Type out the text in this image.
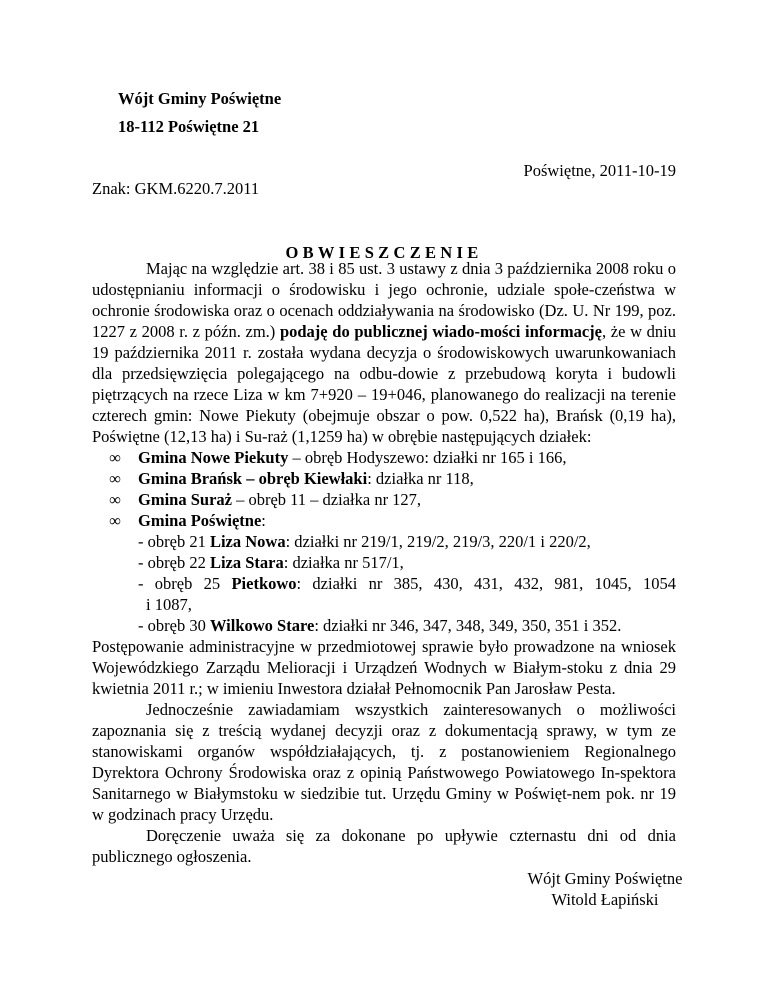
Wójt Gminy Poświętne
18-112 Poświętne 21
Poświętne, 2011-10-19
Znak: GKM.6220.7.2011
OBWIESZCZENIE
Mając na względzie art. 38 i 85 ust. 3 ustawy z dnia 3 października 2008 roku o udostępnianiu informacji o środowisku i jego ochronie, udziale społe-czeństwa w ochronie środowiska oraz o ocenach oddziaływania na środowisko (Dz. U. Nr 199, poz. 1227 z 2008 r. z późn. zm.) podaję do publicznej wiado-mości informację, że w dniu 19 października 2011 r. została wydana decyzja o środowiskowych uwarunkowaniach dla przedsięwzięcia polegającego na odbu-dowie z przebudową koryta i budowli piętrzących na rzece Liza w km 7+920 – 19+046, planowanego do realizacji na terenie czterech gmin: Nowe Piekuty (obejmuje obszar o pow. 0,522 ha), Brańsk (0,19 ha), Poświętne (12,13 ha) i Su-raż (1,1259 ha) w obrębie następujących działek:
∞ Gmina Nowe Piekuty – obręb Hodyszewo: działki nr 165 i 166,
∞ Gmina Brańsk – obręb Kiewłaki: działka nr 118,
∞ Gmina Suraż – obręb 11 – działka nr 127,
∞ Gmina Poświętne:
- obręb 21 Liza Nowa: działki nr 219/1, 219/2, 219/3, 220/1 i 220/2,
- obręb 22 Liza Stara: działka nr 517/1,
- obręb 25 Pietkowo: działki nr 385, 430, 431, 432, 981, 1045, 1054
i 1087,
- obręb 30 Wilkowo Stare: działki nr 346, 347, 348, 349, 350, 351 i 352.
Postępowanie administracyjne w przedmiotowej sprawie było prowadzone na wniosek Wojewódzkiego Zarządu Melioracji i Urządzeń Wodnych w Białym-stoku z dnia 29 kwietnia 2011 r.; w imieniu Inwestora działał Pełnomocnik Pan Jarosław Pesta.
Jednocześnie zawiadamiam wszystkich zainteresowanych o możliwości zapoznania się z treścią wydanej decyzji oraz z dokumentacją sprawy, w tym ze stanowiskami organów współdziałających, tj. z postanowieniem Regionalnego Dyrektora Ochrony Środowiska oraz z opinią Państwowego Powiatowego In-spektora Sanitarnego w Białymstoku w siedzibie tut. Urzędu Gminy w Poświęt-nem pok. nr 19 w godzinach pracy Urzędu.
Doręczenie uważa się za dokonane po upływie czternastu dni od dnia publicznego ogłoszenia.
Wójt Gminy Poświętne
Witold Łapiński
